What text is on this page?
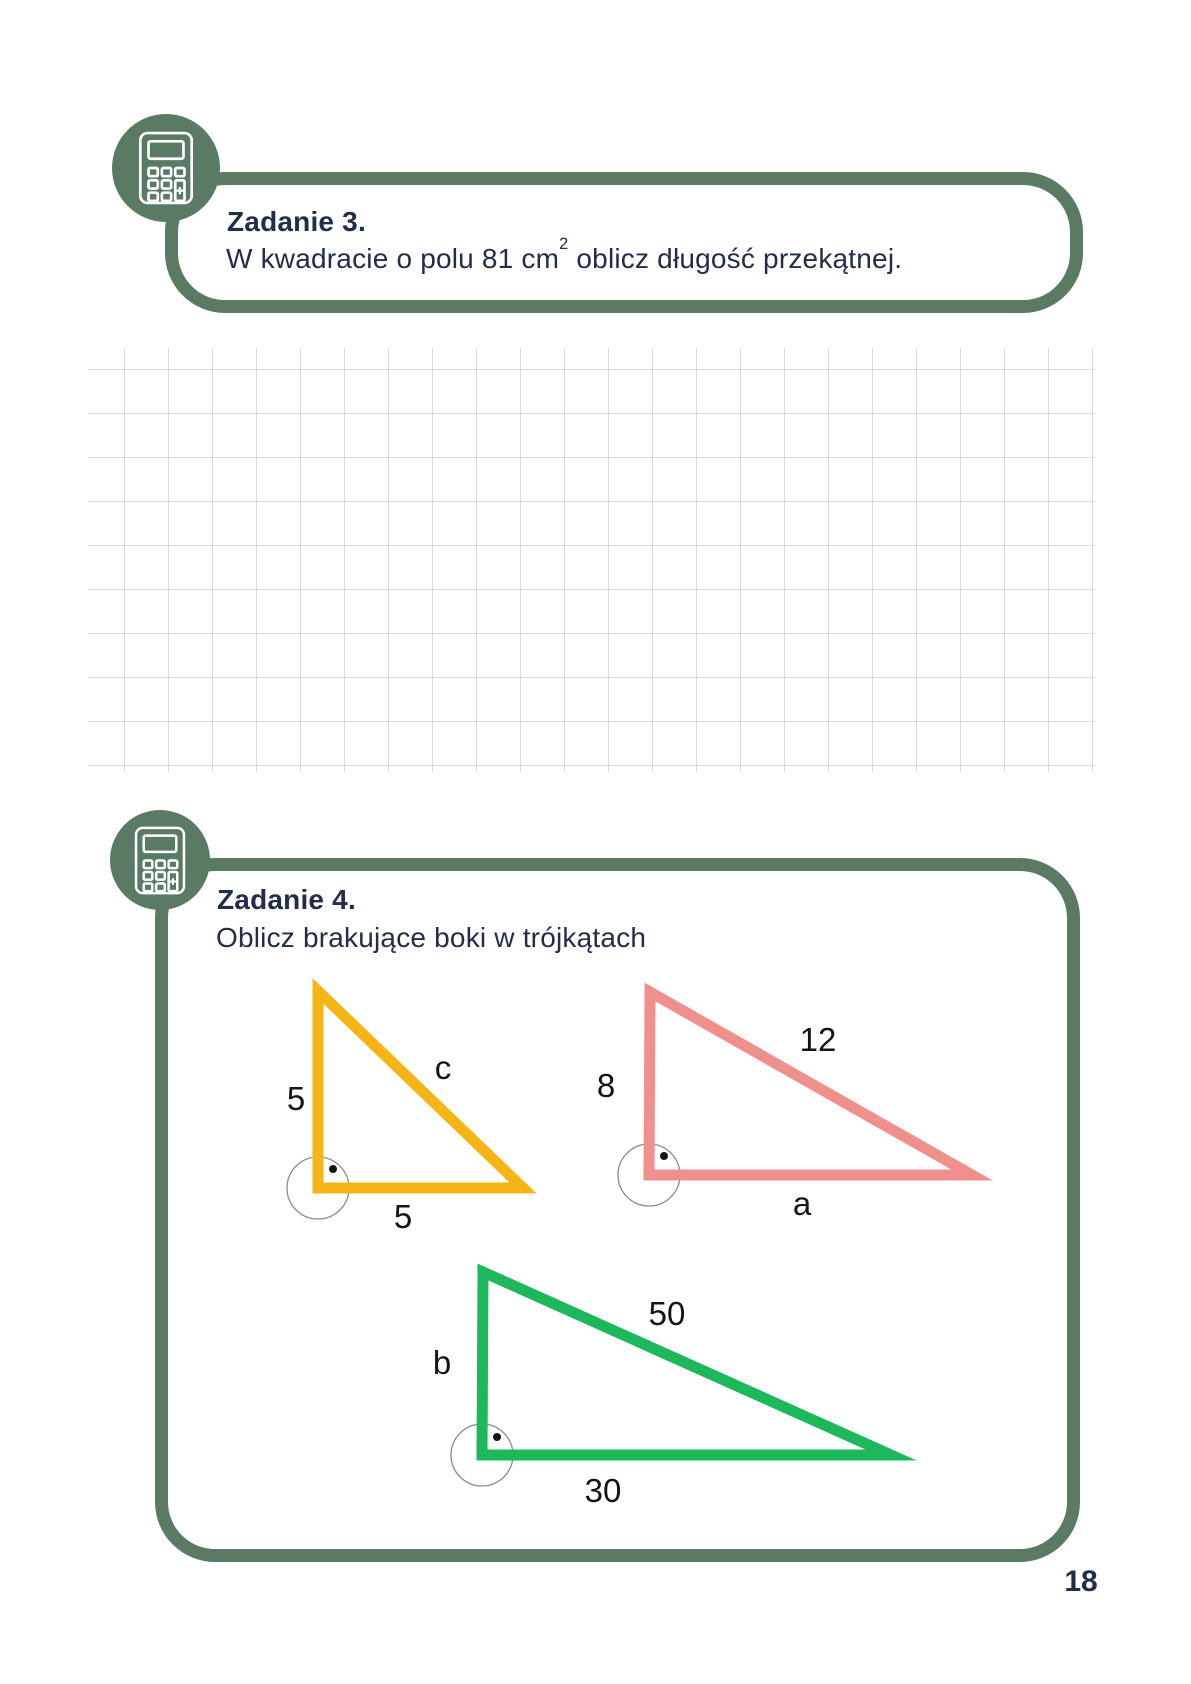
Zadanie 3.

W kwadracie o polu 81 $cm^2$ oblicz długość przekątnej.

Zadanie 4.

Oblicz brakujące boki w trójkątach

5
c
5
8
12
a
b
50
30
18
